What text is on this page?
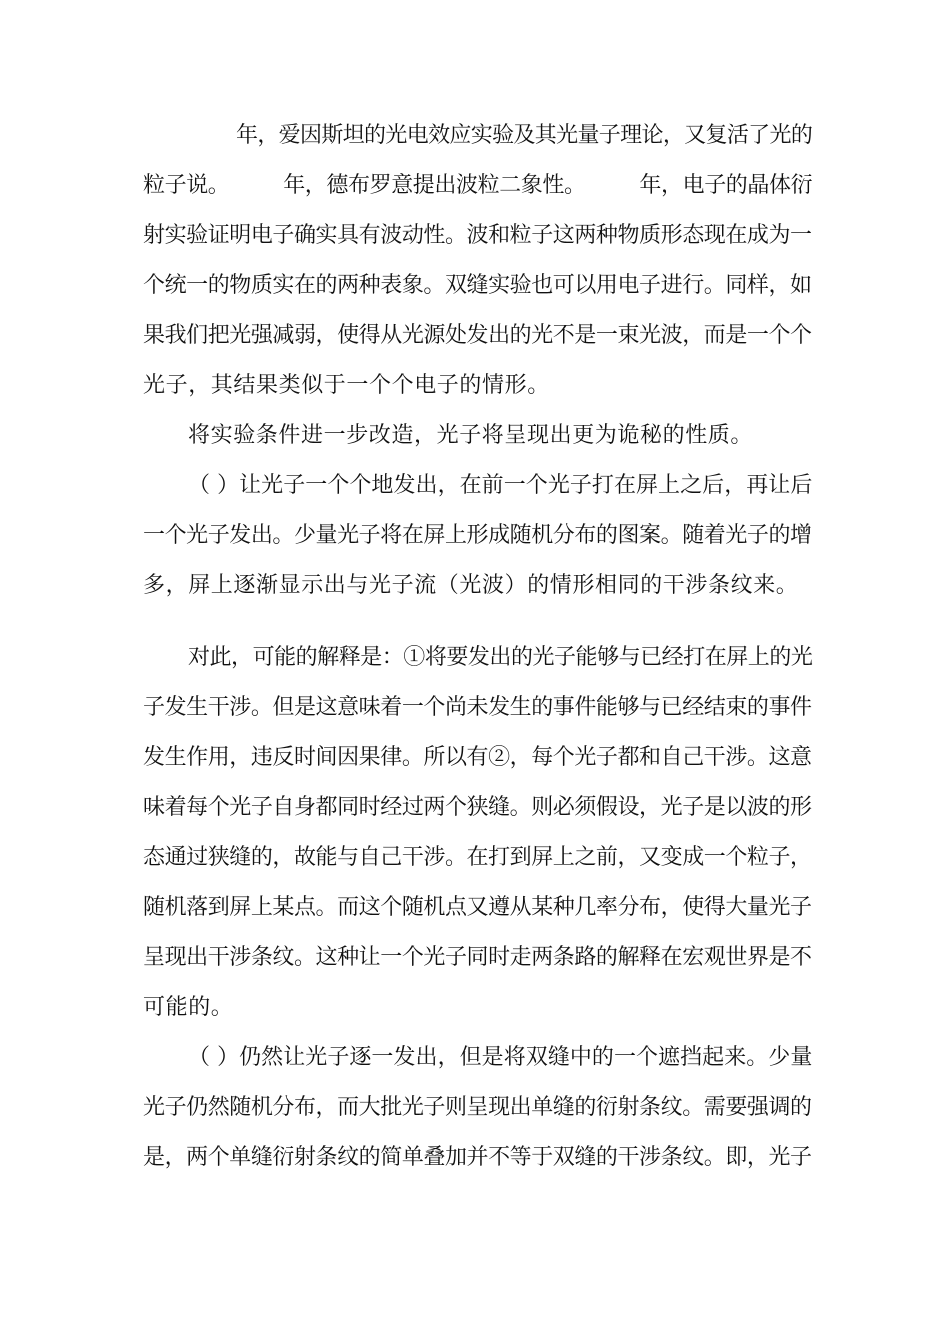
年，爱因斯坦的光电效应实验及其光量子理论，又复活了光的
粒子说。　　　年，德布罗意提出波粒二象性。　　　年，电子的晶体衍
射实验证明电子确实具有波动性。波和粒子这两种物质形态现在成为一
个统一的物质实在的两种表象。双缝实验也可以用电子进行。同样，如
果我们把光强减弱，使得从光源处发出的光不是一束光波，而是一个个
光子，其结果类似于一个个电子的情形。
将实验条件进一步改造，光子将呈现出更为诡秘的性质。
（ ）让光子一个个地发出，在前一个光子打在屏上之后，再让后
一个光子发出。少量光子将在屏上形成随机分布的图案。随着光子的增
多，屏上逐渐显示出与光子流（光波）的情形相同的干涉条纹来。
对此，可能的解释是：①将要发出的光子能够与已经打在屏上的光
子发生干涉。但是这意味着一个尚未发生的事件能够与已经结束的事件
发生作用，违反时间因果律。所以有②，每个光子都和自己干涉。这意
味着每个光子自身都同时经过两个狭缝。则必须假设，光子是以波的形
态通过狭缝的，故能与自己干涉。在打到屏上之前，又变成一个粒子，
随机落到屏上某点。而这个随机点又遵从某种几率分布，使得大量光子
呈现出干涉条纹。这种让一个光子同时走两条路的解释在宏观世界是不
可能的。
（ ）仍然让光子逐一发出，但是将双缝中的一个遮挡起来。少量
光子仍然随机分布，而大批光子则呈现出单缝的衍射条纹。需要强调的
是，两个单缝衍射条纹的简单叠加并不等于双缝的干涉条纹。即，光子
